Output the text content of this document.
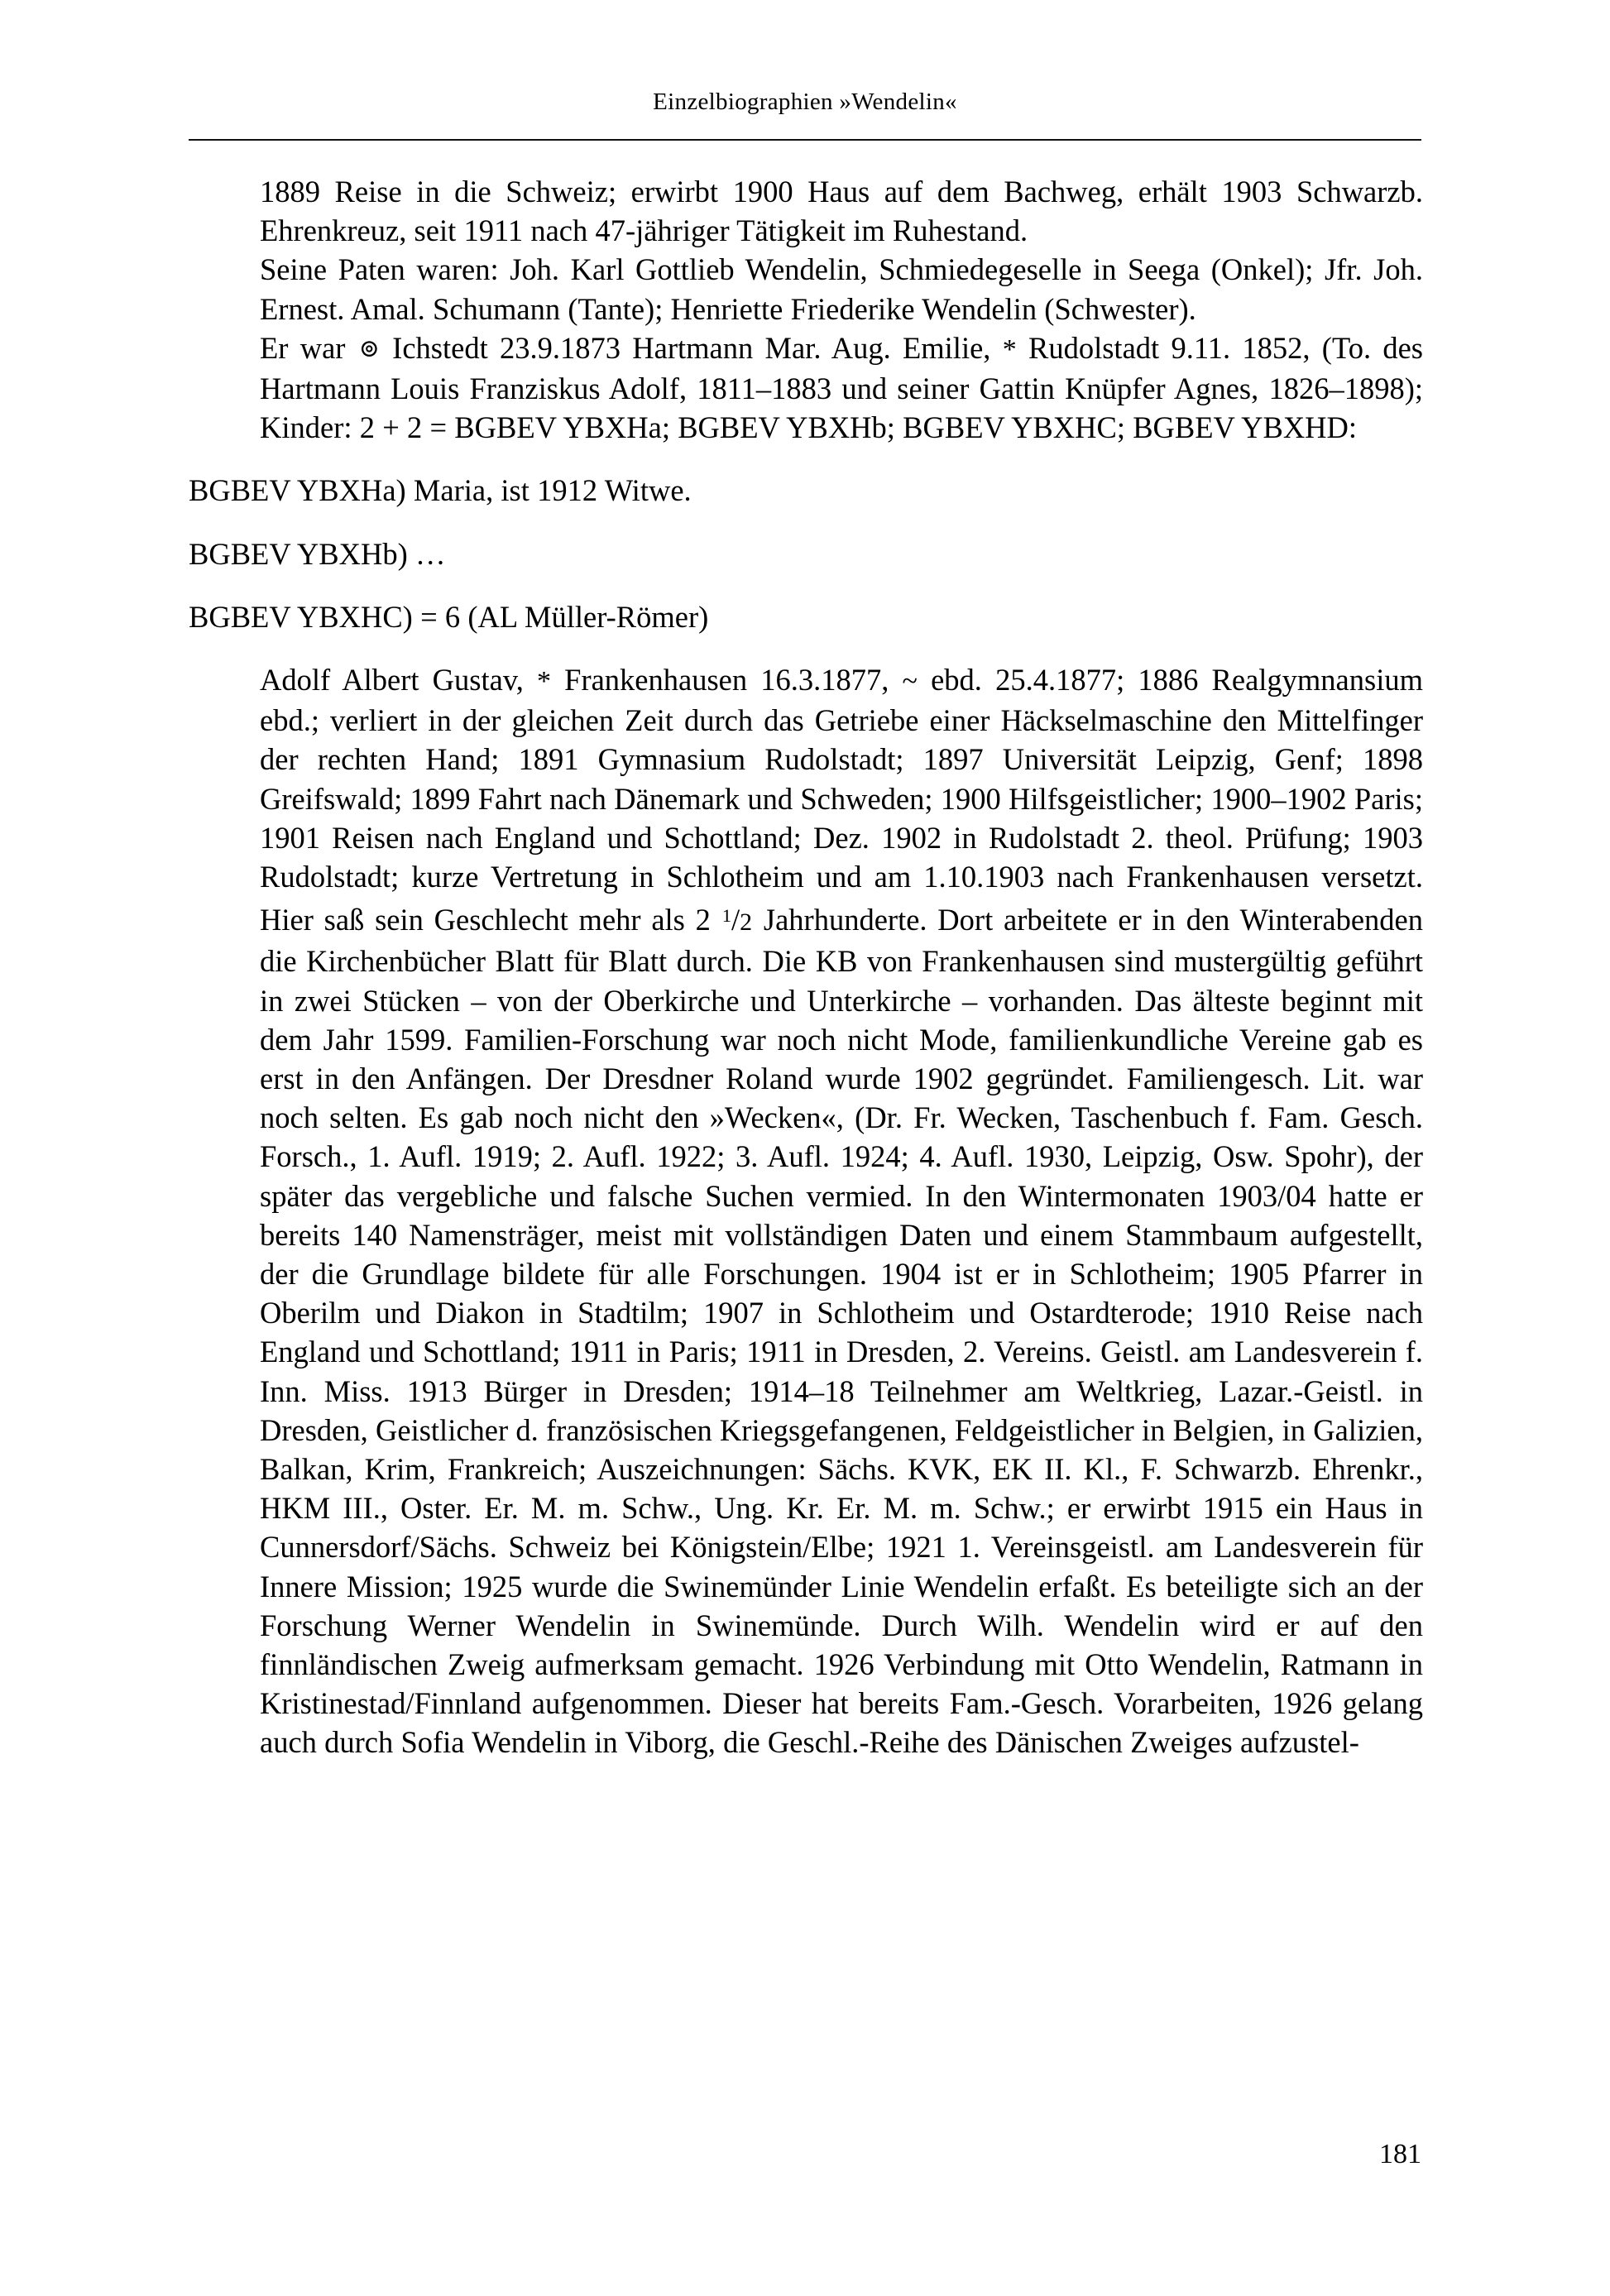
Einzelbiographien »Wendelin«

1889 Reise in die Schweiz; erwirbt 1900 Haus auf dem Bachweg, erhält 1903 Schwarzb. Ehrenkreuz, seit 1911 nach 47-jähriger Tätigkeit im Ruhestand.

Seine Paten waren: Joh. Karl Gottlieb Wendelin, Schmiedegeselle in Seega (Onkel); Jfr. Joh. Ernest. Amal. Schumann (Tante); Henriette Friederike Wendelin (Schwester).

Er war ⊚ Ichstedt 23.9.1873 Hartmann Mar. Aug. Emilie, * Rudolstadt 9.11. 1852, (To. des Hartmann Louis Franziskus Adolf, 1811–1883 und seiner Gattin Knüpfer Agnes, 1826–1898); Kinder: 2 + 2 = BGBEV YBXHa; BGBEV YBXHb; BGBEV YBXHC; BGBEV YBXHD:

BGBEV YBXHa) Maria, ist 1912 Witwe.

BGBEV YBXHb) …

BGBEV YBXHC) = 6 (AL Müller-Römer)

Adolf Albert Gustav, * Frankenhausen 16.3.1877, ~ ebd. 25.4.1877; 1886 Realgymnansium ebd.; verliert in der gleichen Zeit durch das Getriebe einer Häckselmaschine den Mittelfinger der rechten Hand; 1891 Gymnasium Rudolstadt; 1897 Universität Leipzig, Genf; 1898 Greifswald; 1899 Fahrt nach Dänemark und Schweden; 1900 Hilfsgeistlicher; 1900–1902 Paris; 1901 Reisen nach England und Schottland; Dez. 1902 in Rudolstadt 2. theol. Prüfung; 1903 Rudolstadt; kurze Vertretung in Schlotheim und am 1.10.1903 nach Frankenhausen versetzt. Hier saß sein Geschlecht mehr als 2 $^1$/2 Jahrhunderte. Dort arbeitete er in den Winterabenden die Kirchenbücher Blatt für Blatt durch. Die KB von Frankenhausen sind mustergültig geführt in zwei Stücken – von der Oberkirche und Unterkirche – vorhanden. Das älteste beginnt mit dem Jahr 1599. Familien-Forschung war noch nicht Mode, familienkundliche Vereine gab es erst in den Anfängen. Der Dresdner Roland wurde 1902 gegründet. Familiengesch. Lit. war noch selten. Es gab noch nicht den »Wecken«, (Dr. Fr. Wecken, Taschenbuch f. Fam. Gesch. Forsch., 1. Aufl. 1919; 2. Aufl. 1922; 3. Aufl. 1924; 4. Aufl. 1930, Leipzig, Osw. Spohr), der später das vergebliche und falsche Suchen vermied. In den Wintermonaten 1903/04 hatte er bereits 140 Namensträger, meist mit vollständigen Daten und einem Stammbaum aufgestellt, der die Grundlage bildete für alle Forschungen. 1904 ist er in Schlotheim; 1905 Pfarrer in Oberilm und Diakon in Stadtilm; 1907 in Schlotheim und Ostardterode; 1910 Reise nach England und Schottland; 1911 in Paris; 1911 in Dresden, 2. Vereins. Geistl. am Landesverein f. Inn. Miss. 1913 Bürger in Dresden; 1914–18 Teilnehmer am Weltkrieg, Lazar.-Geistl. in Dresden, Geistlicher d. französischen Kriegsgefangenen, Feldgeistlicher in Belgien, in Galizien, Balkan, Krim, Frankreich; Auszeichnungen: Sächs. KVK, EK II. Kl., F. Schwarzb. Ehrenkr., HKM III., Oster. Er. M. m. Schw., Ung. Kr. Er. M. m. Schw.; er erwirbt 1915 ein Haus in Cunnersdorf/Sächs. Schweiz bei Königstein/Elbe; 1921 1. Vereinsgeistl. am Landesverein für Innere Mission; 1925 wurde die Swinemünder Linie Wendelin erfaßt. Es beteiligte sich an der Forschung Werner Wendelin in Swinemünde. Durch Wilh. Wendelin wird er auf den finnländischen Zweig aufmerksam gemacht. 1926 Verbindung mit Otto Wendelin, Ratmann in Kristinestad/Finnland aufgenommen. Dieser hat bereits Fam.-Gesch. Vorarbeiten, 1926 gelang auch durch Sofia Wendelin in Viborg, die Geschl.-Reihe des Dänischen Zweiges aufzustel-

181
